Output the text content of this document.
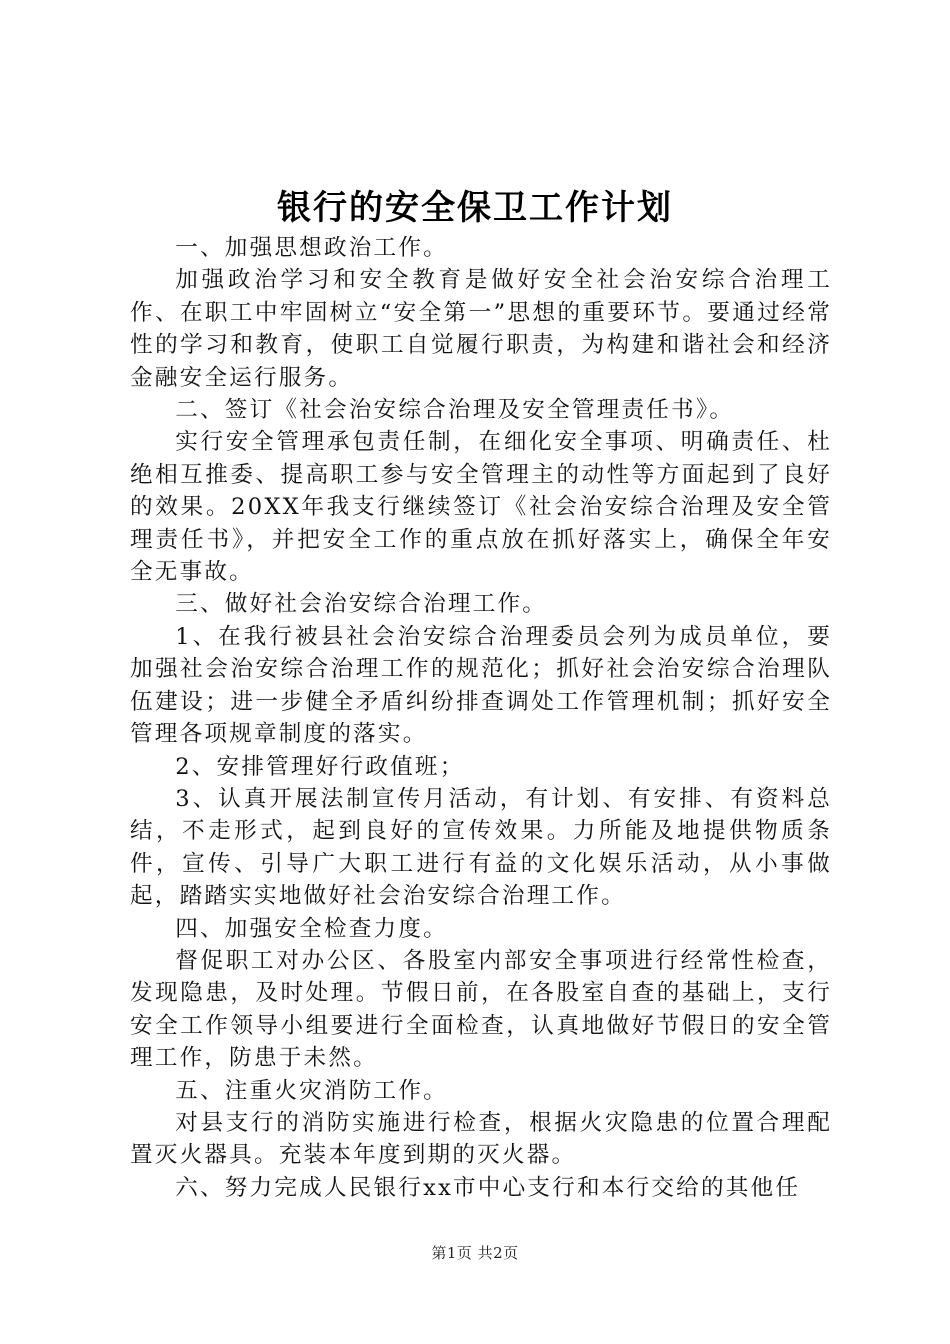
银行的安全保卫工作计划

一、加强思想政治工作。

加强政治学习和安全教育是做好安全社会治安综合治理工作、在职工中牢固树立“安全第一”思想的重要环节。要通过经常性的学习和教育，使职工自觉履行职责，为构建和谐社会和经济金融安全运行服务。

二、签订《社会治安综合治理及安全管理责任书》。

实行安全管理承包责任制，在细化安全事项、明确责任、杜绝相互推委、提高职工参与安全管理主的动性等方面起到了良好的效果。20XX年我支行继续签订《社会治安综合治理及安全管理责任书》，并把安全工作的重点放在抓好落实上，确保全年安全无事故。

三、做好社会治安综合治理工作。

1、在我行被县社会治安综合治理委员会列为成员单位，要加强社会治安综合治理工作的规范化；抓好社会治安综合治理队伍建设；进一步健全矛盾纠纷排查调处工作管理机制；抓好安全管理各项规章制度的落实。

2、安排管理好行政值班；

3、认真开展法制宣传月活动，有计划、有安排、有资料总结，不走形式，起到良好的宣传效果。力所能及地提供物质条件，宣传、引导广大职工进行有益的文化娱乐活动，从小事做起，踏踏实实地做好社会治安综合治理工作。

四、加强安全检查力度。

督促职工对办公区、各股室内部安全事项进行经常性检查，发现隐患，及时处理。节假日前，在各股室自查的基础上，支行安全工作领导小组要进行全面检查，认真地做好节假日的安全管理工作，防患于未然。

五、注重火灾消防工作。

对县支行的消防实施进行检查，根据火灾隐患的位置合理配置灭火器具。充装本年度到期的灭火器。

六、努力完成人民银行xx市中心支行和本行交给的其他任

第1页 共2页
